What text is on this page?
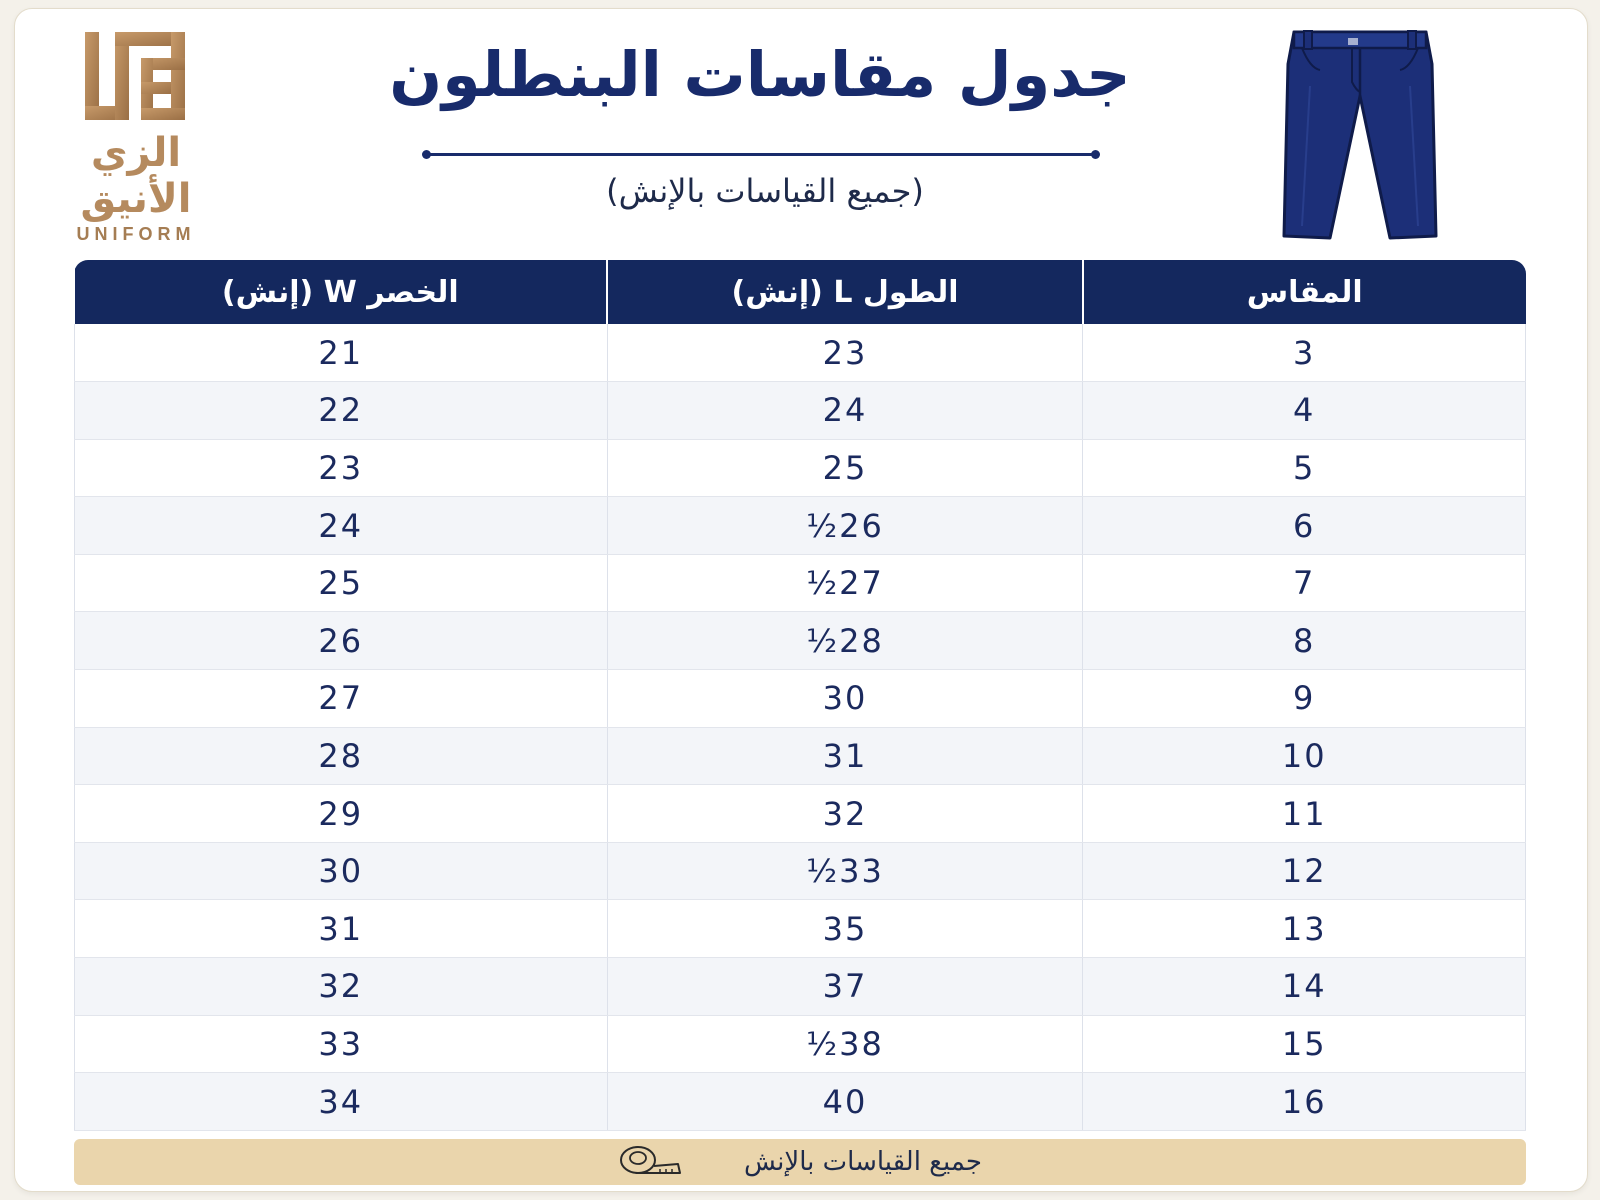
الزي الأنيق
UNIFORM
جدول مقاسات البنطلون
(جميع القياسات بالإنش)
المقاس	الطول L (إنش)	الخصر W (إنش)
3	23	21
4	24	22
5	25	23
6	26½	24
7	27½	25
8	28½	26
9	30	27
10	31	28
11	32	29
12	33½	30
13	35	31
14	37	32
15	38½	33
16	40	34
جميع القياسات بالإنش
